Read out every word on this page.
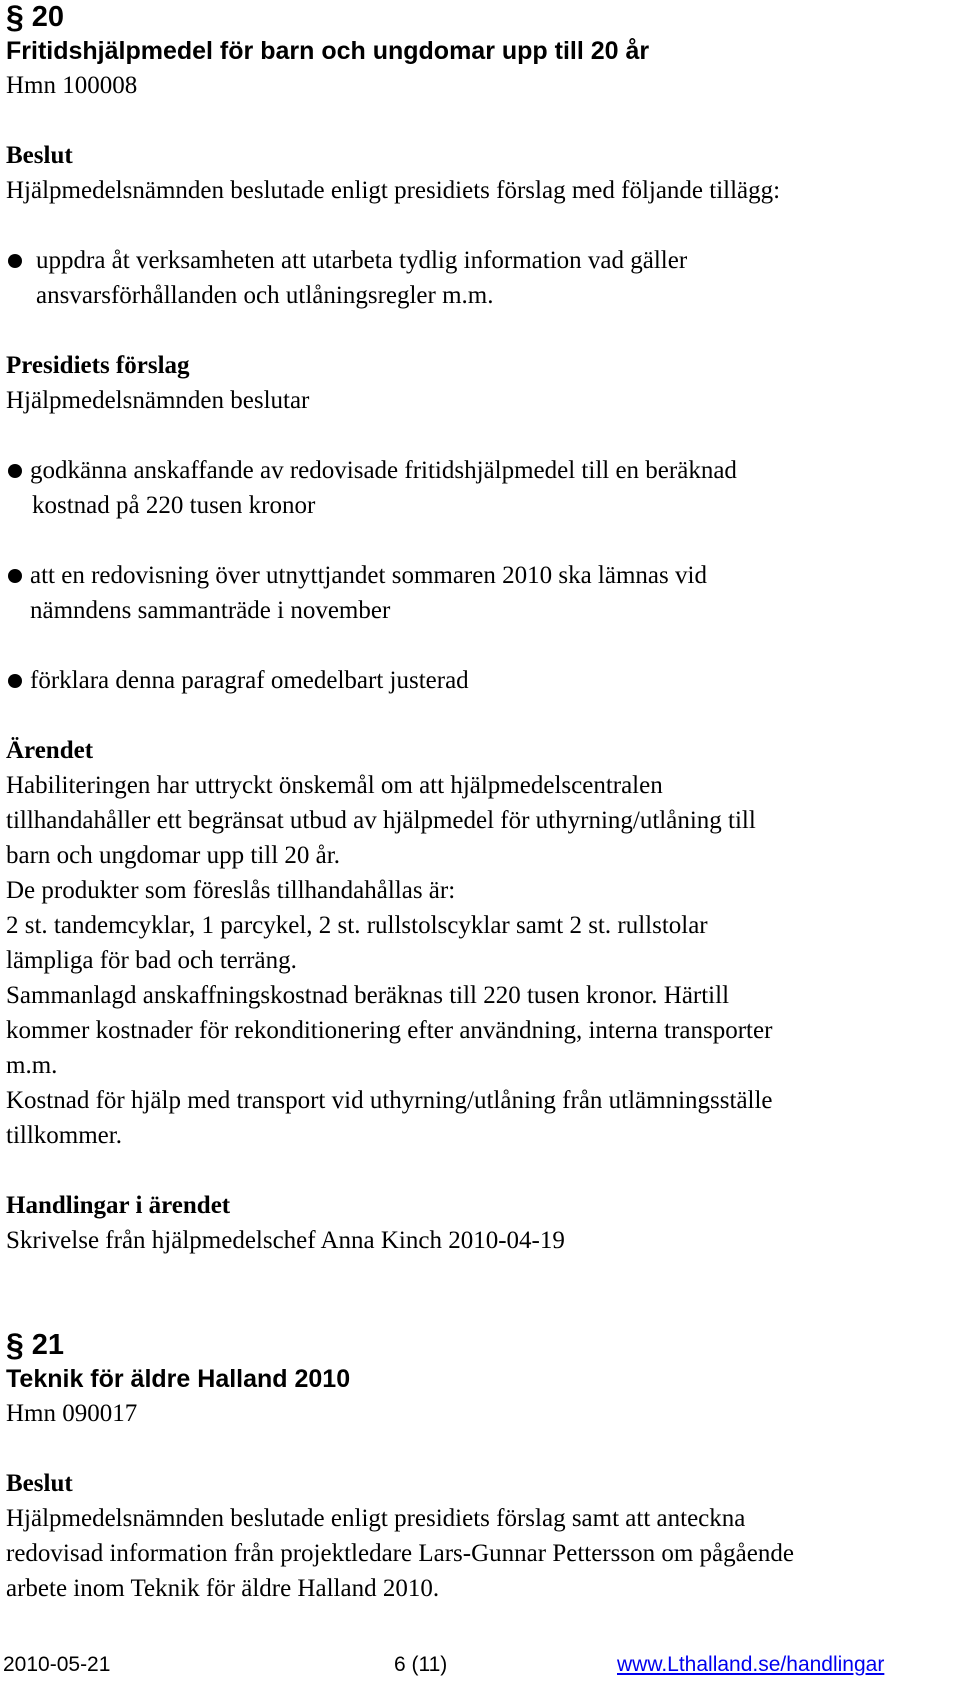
§ 20
Fritidshjälpmedel för barn och ungdomar upp till 20 år
Hmn 100008
Beslut
Hjälpmedelsnämnden beslutade enligt presidiets förslag med följande tillägg:
uppdra åt verksamheten att utarbeta tydlig information vad gäller
ansvarsförhållanden och utlåningsregler m.m.
Presidiets förslag
Hjälpmedelsnämnden beslutar
godkänna anskaffande av redovisade fritidshjälpmedel till en beräknad
kostnad på 220 tusen kronor
att en redovisning över utnyttjandet sommaren 2010 ska lämnas vid
nämndens sammanträde i november
förklara denna paragraf omedelbart justerad
Ärendet
Habiliteringen har uttryckt önskemål om att hjälpmedelscentralen
tillhandahåller ett begränsat utbud av hjälpmedel för uthyrning/utlåning till
barn och ungdomar upp till 20 år.
De produkter som föreslås tillhandahållas är:
2 st. tandemcyklar, 1 parcykel, 2 st. rullstolscyklar samt 2 st. rullstolar
lämpliga för bad och terräng.
Sammanlagd anskaffningskostnad beräknas till 220 tusen kronor. Härtill
kommer kostnader för rekonditionering efter användning, interna transporter
m.m.
Kostnad för hjälp med transport vid uthyrning/utlåning från utlämningsställe
tillkommer.
Handlingar i ärendet
Skrivelse från hjälpmedelschef Anna Kinch 2010-04-19
§ 21
Teknik för äldre Halland 2010
Hmn 090017
Beslut
Hjälpmedelsnämnden beslutade enligt presidiets förslag samt att anteckna
redovisad information från projektledare Lars-Gunnar Pettersson om pågående
arbete inom Teknik för äldre Halland 2010.
2010-05-21	6 (11)	www.Lthalland.se/handlingar
